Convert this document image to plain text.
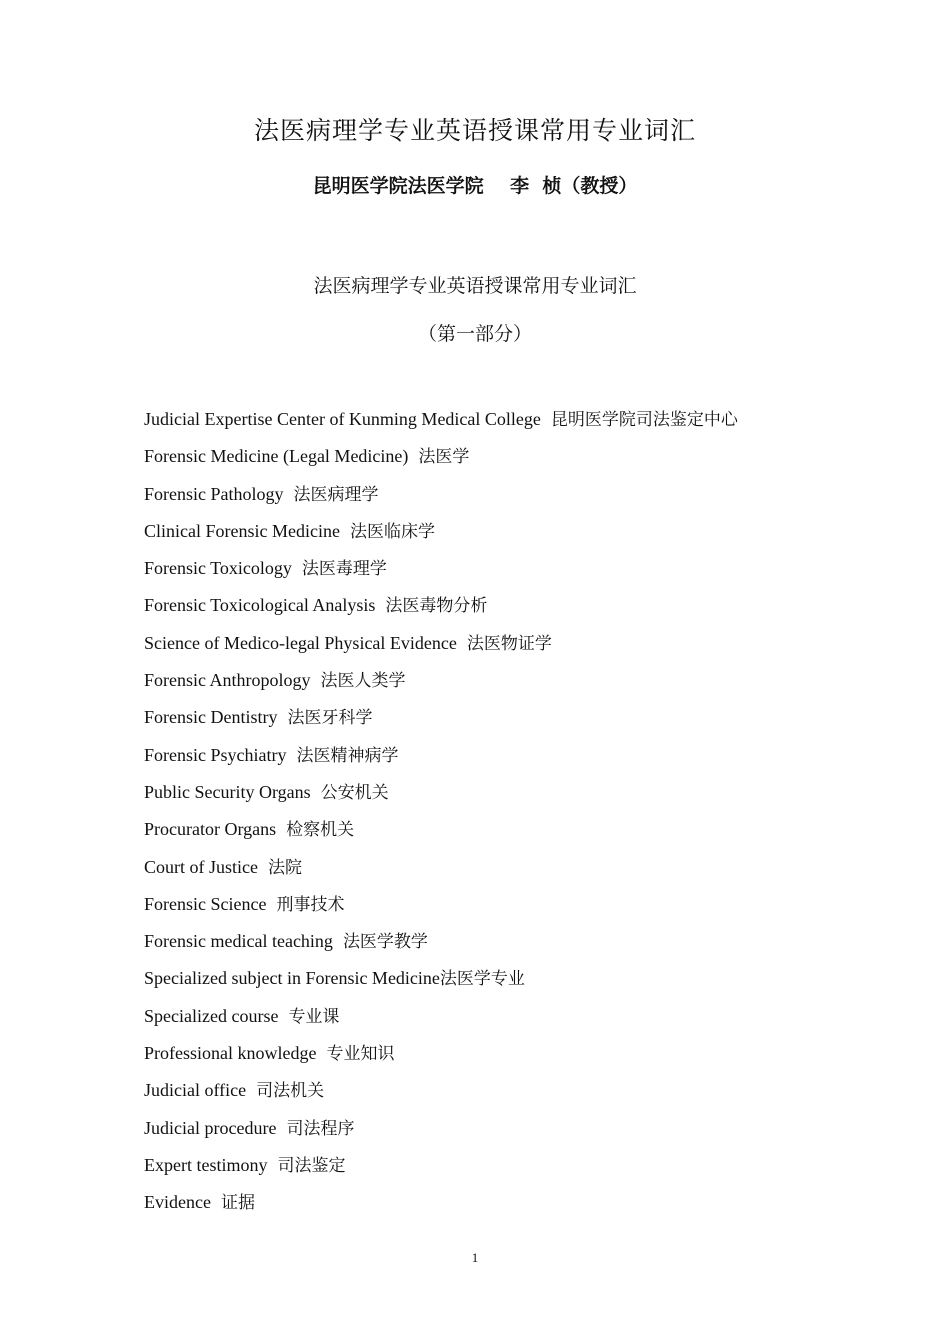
法医病理学专业英语授课常用专业词汇
昆明医学院法医学院    李  桢（教授）
法医病理学专业英语授课常用专业词汇
（第一部分）
Judicial Expertise Center of Kunming Medical College 昆明医学院司法鉴定中心
Forensic Medicine (Legal Medicine) 法医学
Forensic Pathology 法医病理学
Clinical Forensic Medicine 法医临床学
Forensic Toxicology 法医毒理学
Forensic Toxicological Analysis 法医毒物分析
Science of Medico-legal Physical Evidence 法医物证学
Forensic Anthropology 法医人类学
Forensic Dentistry 法医牙科学
Forensic Psychiatry 法医精神病学
Public Security Organs 公安机关
Procurator Organs 检察机关
Court of Justice 法院
Forensic Science 刑事技术
Forensic medical teaching 法医学教学
Specialized subject in Forensic Medicine法医学专业
Specialized course 专业课
Professional knowledge 专业知识
Judicial office 司法机关
Judicial procedure 司法程序
Expert testimony 司法鉴定
Evidence 证据
1
